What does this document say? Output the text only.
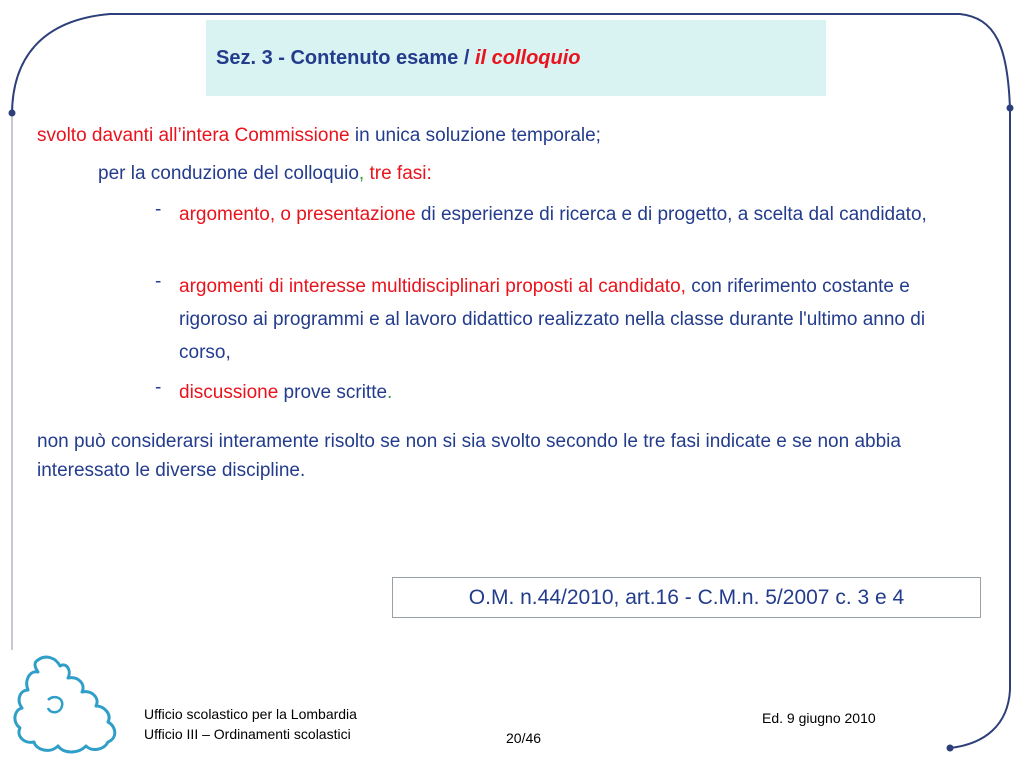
Sez. 3 - Contenuto esame / il colloquio
svolto davanti all’intera Commissione in unica soluzione temporale;
per la conduzione del colloquio, tre fasi:
- argomento, o presentazione di esperienze di ricerca e di progetto, a scelta dal candidato,
- argomenti di interesse multidisciplinari proposti al candidato, con riferimento costante e rigoroso ai programmi e al lavoro didattico realizzato nella classe durante l'ultimo anno di corso,
- discussione prove scritte.
non può considerarsi interamente risolto se non si sia svolto secondo le tre fasi indicate e se non abbia interessato le diverse discipline.
O.M. n.44/2010, art.16 - C.M.n. 5/2007 c. 3 e 4
Ufficio scolastico per la Lombardia
Ufficio III – Ordinamenti scolastici	20/46
Ed. 9 giugno 2010
